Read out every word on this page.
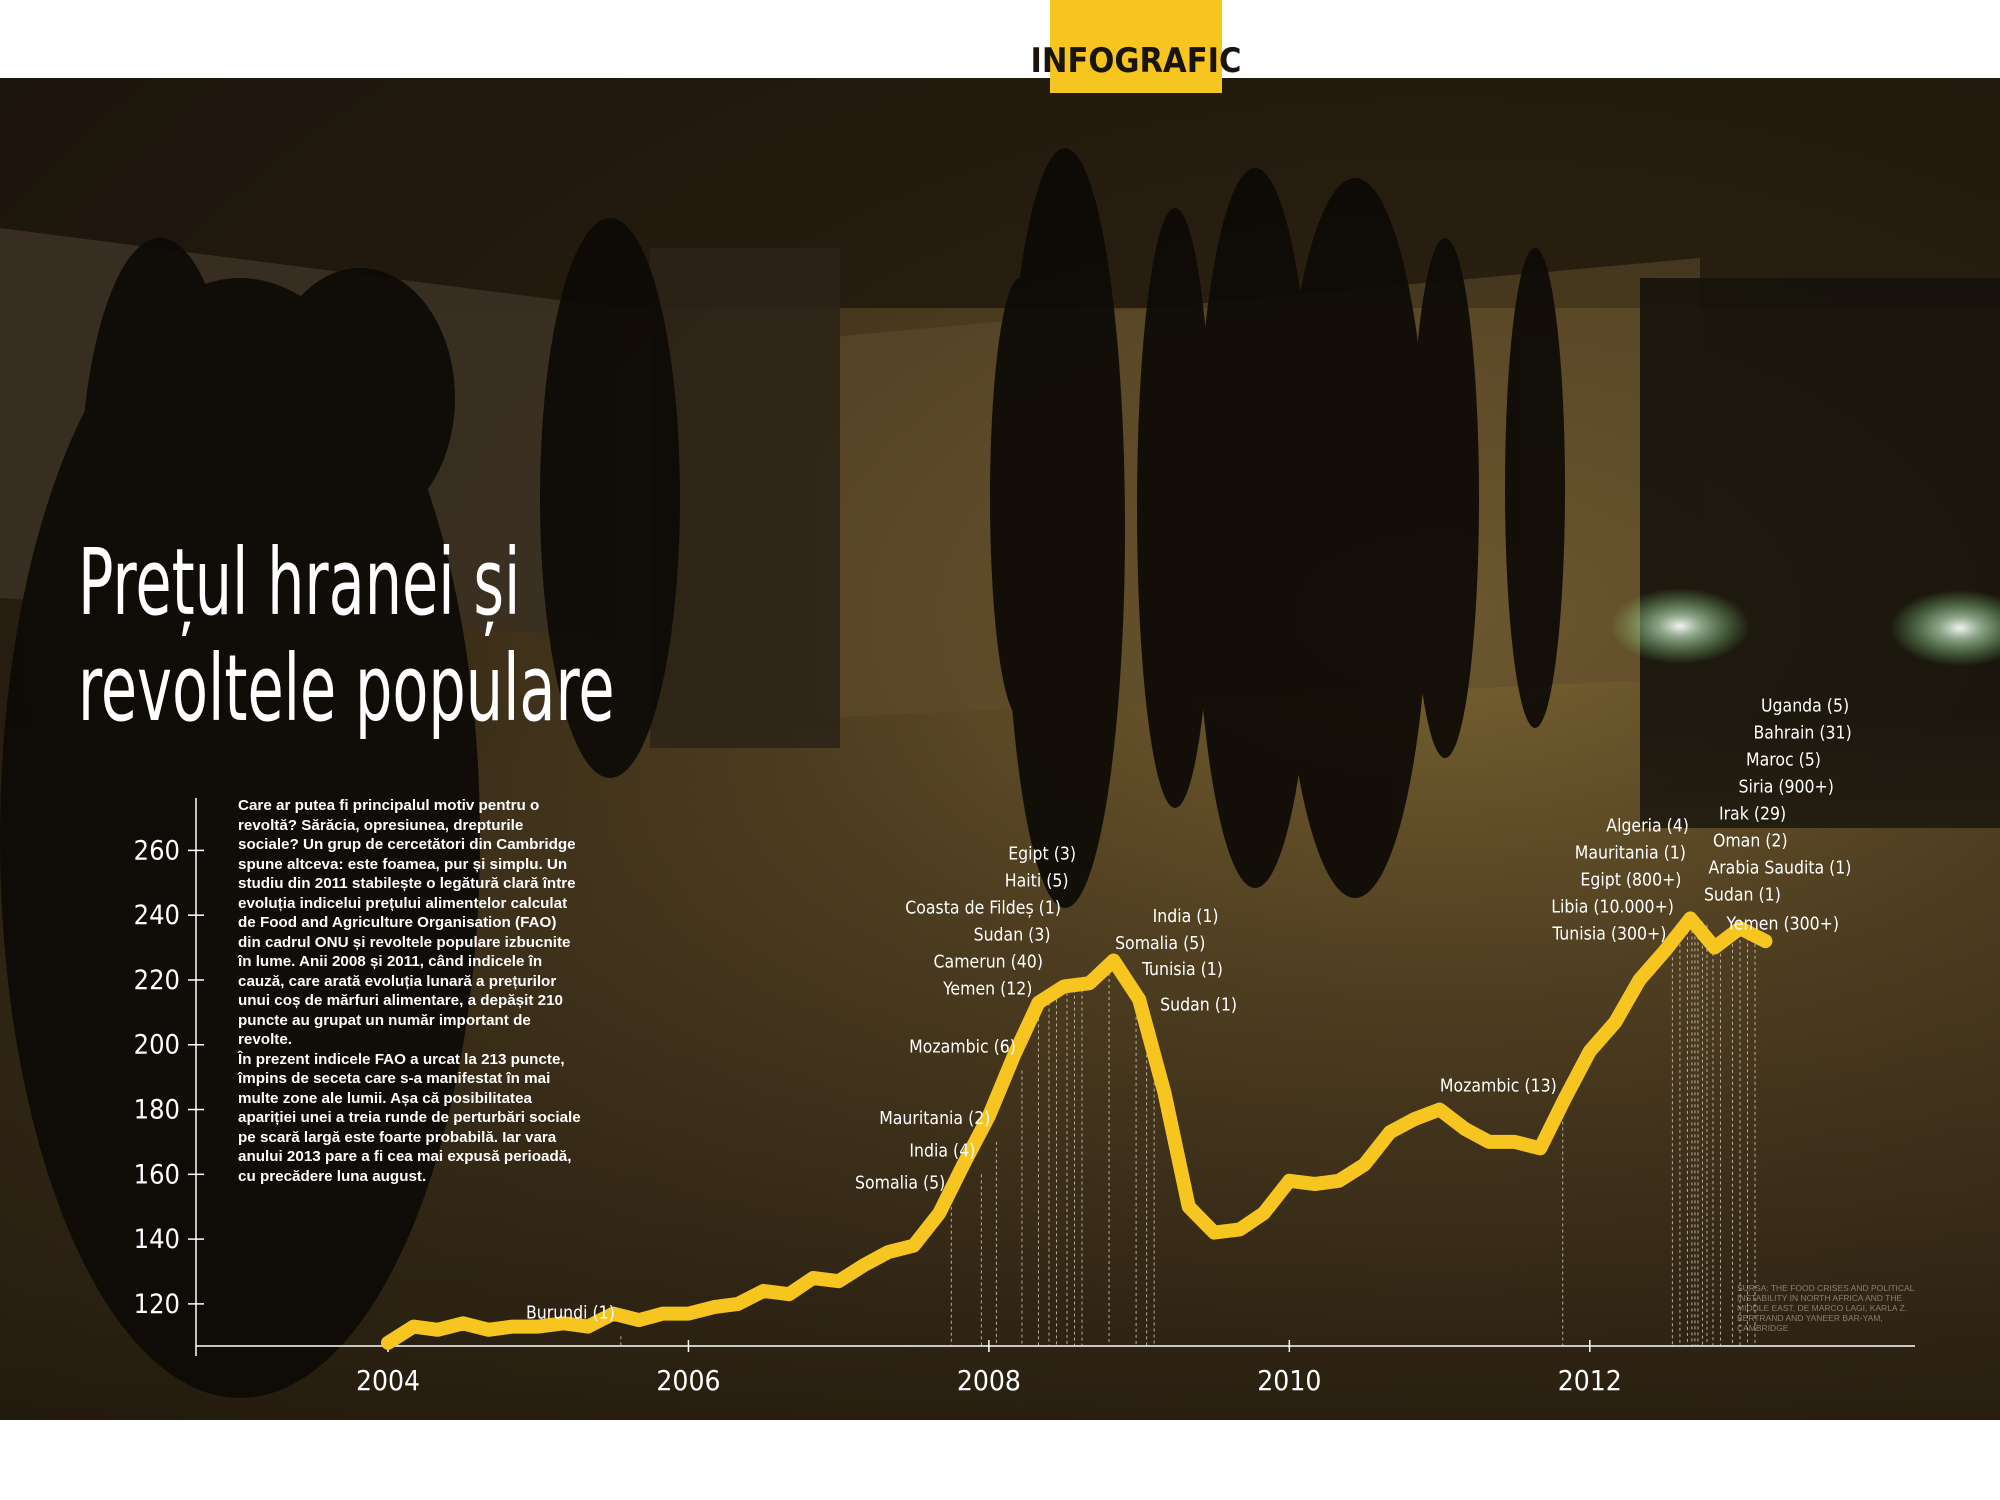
INFOGRAFIC
Prețul hranei și
revoltele populare

Care ar putea fi principalul motiv pentru o revoltă? Sărăcia, opresiunea, drepturile sociale? Un grup de cercetători din Cambridge spune altceva: este foamea, pur și simplu. Un studiu din 2011 stabilește o legătură clară între evoluția indicelui prețului alimentelor calculat de Food and Agriculture Organisation (FAO) din cadrul ONU și revoltele populare izbucnite în lume. Anii 2008 și 2011, când indicele în cauză, care arată evoluția lunară a prețurilor unui coș de mărfuri alimentare, a depășit 210 puncte au grupat un număr important de revolte.

În prezent indicele FAO a urcat la 213 puncte, împins de seceta care s-a manifestat în mai multe zone ale lumii. Așa că posibilitatea apariției unei a treia runde de perturbări sociale pe scară largă este foarte probabilă. Iar vara anului 2013 pare a fi cea mai expusă perioadă, cu precădere luna august.

SURSA: THE FOOD CRISES AND POLITICAL INSTABILITY IN NORTH AFRICA AND THE MIDDLE EAST, DE MARCO LAGI, KARLA Z. BERTRAND AND YANEER BAR-YAM, CAMBRIDGE
120
140
160
180
200
220
240
260
2004	2006	2008	2010	2012
Burundi (1)
Somalia (5)
India (4)
Mauritania (2)
Mozambic (6)
Yemen (12)
Camerun (40)
Sudan (3)
Coasta de Fildeș (1)
Haiti (5)
Egipt (3)
Somalia (5)
Tunisia (1)
India (1)
Sudan (1)
Mozambic (13)
Tunisia (300+)
Libia (10.000+)
Egipt (800+)
Mauritania (1)
Algeria (4)
Sudan (1)
Arabia Saudita (1)
Oman (2)
Irak (29)
Yemen (300+)
Siria (900+)
Maroc (5)
Bahrain (31)
Uganda (5)
